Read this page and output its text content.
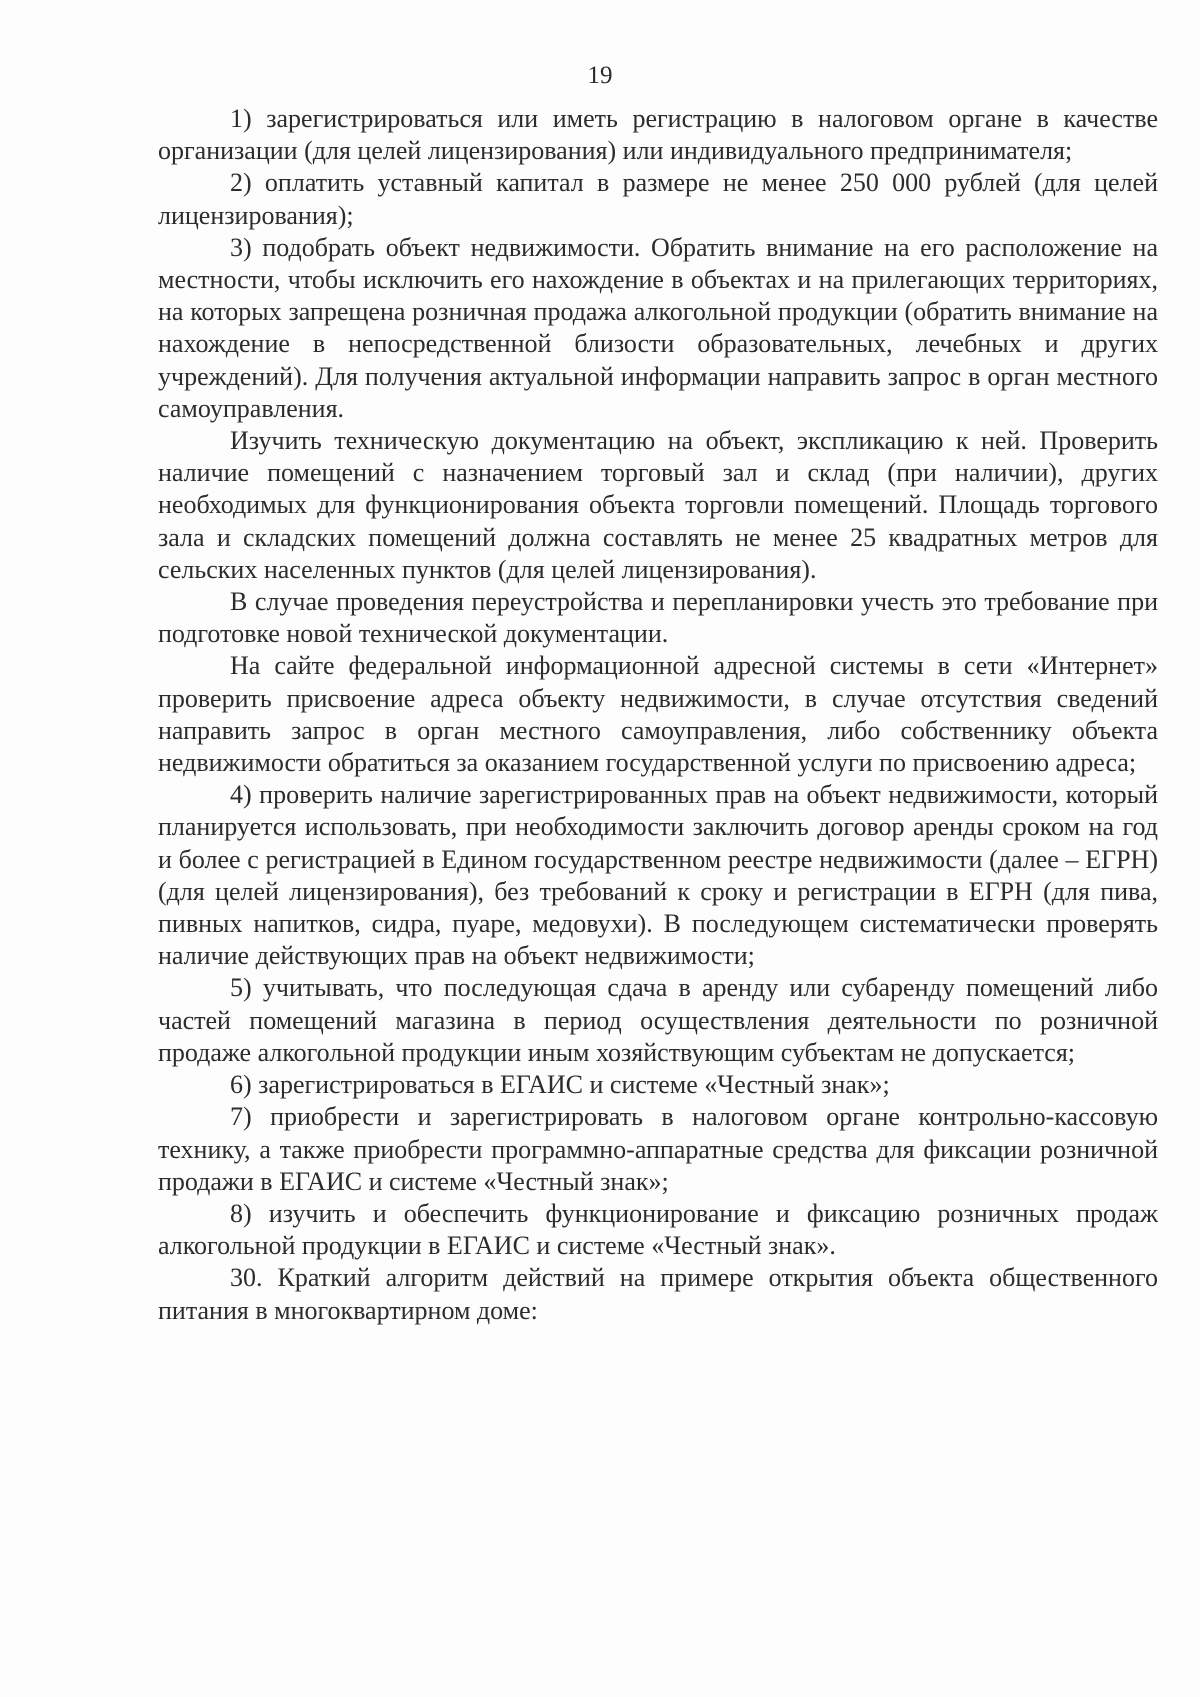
19

1) зарегистрироваться или иметь регистрацию в налоговом органе в качестве организации (для целей лицензирования) или индивидуального предпринимателя;

2) оплатить уставный капитал в размере не менее 250 000 рублей (для целей лицензирования);

3) подобрать объект недвижимости. Обратить внимание на его расположение на местности, чтобы исключить его нахождение в объектах и на прилегающих территориях, на которых запрещена розничная продажа алкогольной продукции (обратить внимание на нахождение в непосредственной близости образовательных, лечебных и других учреждений). Для получения актуальной информации направить запрос в орган местного самоуправления.

Изучить техническую документацию на объект, экспликацию к ней. Проверить наличие помещений с назначением торговый зал и склад (при наличии), других необходимых для функционирования объекта торговли помещений. Площадь торгового зала и складских помещений должна составлять не менее 25 квадратных метров для сельских населенных пунктов (для целей лицензирования).

В случае проведения переустройства и перепланировки учесть это требование при подготовке новой технической документации.

На сайте федеральной информационной адресной системы в сети «Интернет» проверить присвоение адреса объекту недвижимости, в случае отсутствия сведений направить запрос в орган местного самоуправления, либо собственнику объекта недвижимости обратиться за оказанием государственной услуги по присвоению адреса;

4) проверить наличие зарегистрированных прав на объект недвижимости, который планируется использовать, при необходимости заключить договор аренды сроком на год и более с регистрацией в Едином государственном реестре недвижимости (далее – ЕГРН) (для целей лицензирования), без требований к сроку и регистрации в ЕГРН (для пива, пивных напитков, сидра, пуаре, медовухи). В последующем систематически проверять наличие действующих прав на объект недвижимости;

5) учитывать, что последующая сдача в аренду или субаренду помещений либо частей помещений магазина в период осуществления деятельности по розничной продаже алкогольной продукции иным хозяйствующим субъектам не допускается;

6) зарегистрироваться в ЕГАИС и системе «Честный знак»;

7) приобрести и зарегистрировать в налоговом органе контрольно-кассовую технику, а также приобрести программно-аппаратные средства для фиксации розничной продажи в ЕГАИС и системе «Честный знак»;

8) изучить и обеспечить функционирование и фиксацию розничных продаж алкогольной продукции в ЕГАИС и системе «Честный знак».

30. Краткий алгоритм действий на примере открытия объекта общественного питания в многоквартирном доме:
